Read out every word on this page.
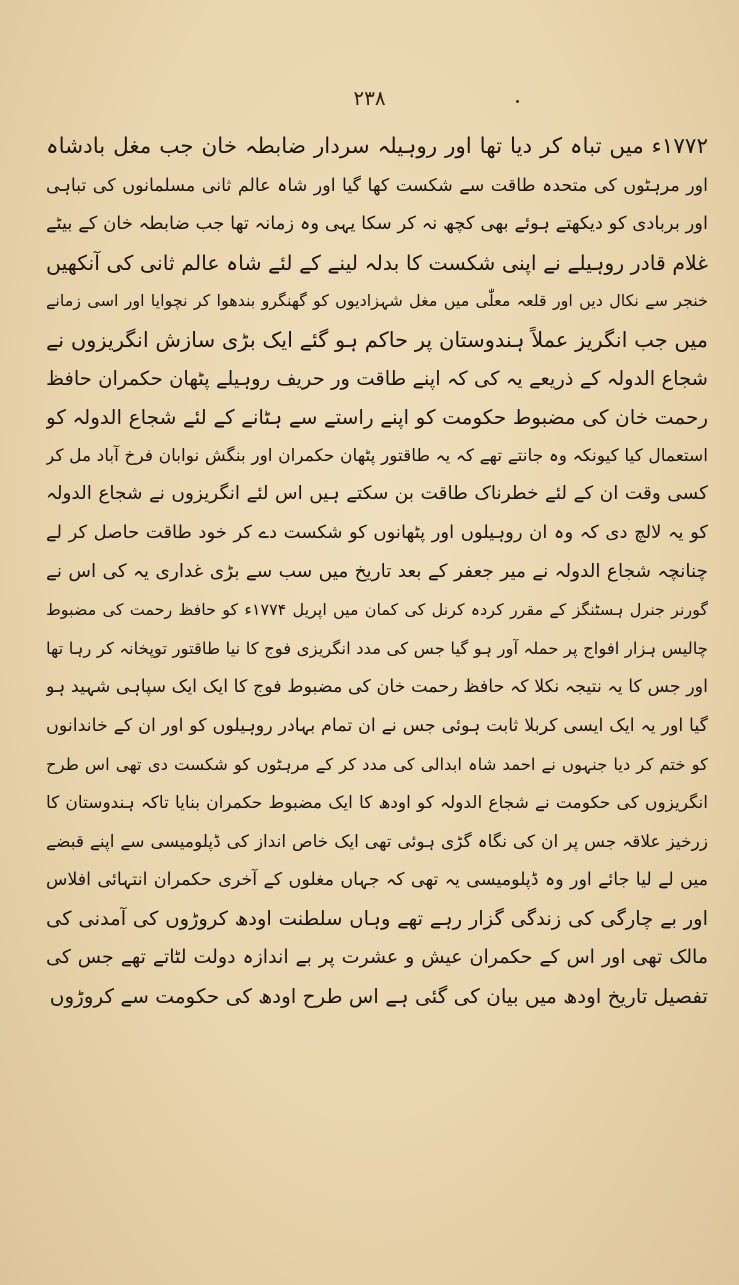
۲۳۸
۱۷۷۲ء میں تباہ کر دیا تھا اور روہیلہ سردار ضابطہ خان جب مغل بادشاہ
اور مرہٹوں کی متحدہ طاقت سے شکست کھا گیا اور شاہ عالم ثانی مسلمانوں کی تباہی
اور بربادی کو دیکھتے ہوئے بھی کچھ نہ کر سکا یہی وہ زمانہ تھا جب ضابطہ خان کے بیٹے
غلام قادر روہیلے نے اپنی شکست کا بدلہ لینے کے لئے شاہ عالم ثانی کی آنکھیں
خنجر سے نکال دیں اور قلعہ معلّٰی میں مغل شہزادیوں کو گھنگرو بندھوا کر نچوایا اور اسی زمانے
میں جب انگریز عملاً ہندوستان پر حاکم ہو گئے ایک بڑی سازش انگریزوں نے
شجاع الدولہ کے ذریعے یہ کی کہ اپنے طاقت ور حریف روہیلے پٹھان حکمران حافظ
رحمت خان کی مضبوط حکومت کو اپنے راستے سے ہٹانے کے لئے شجاع الدولہ کو
استعمال کیا کیونکہ وہ جانتے تھے کہ یہ طاقتور پٹھان حکمران اور بنگش نوابان فرخ آباد مل کر
کسی وقت ان کے لئے خطرناک طاقت بن سکتے ہیں اس لئے انگریزوں نے شجاع الدولہ
کو یہ لالچ دی کہ وہ ان روہیلوں اور پٹھانوں کو شکست دے کر خود طاقت حاصل کر لے
چنانچہ شجاع الدولہ نے میر جعفر کے بعد تاریخ میں سب سے بڑی غداری یہ کی اس نے
گورنر جنرل ہسٹنگز کے مقرر کردہ کرنل کی کمان میں اپریل ۱۷۷۴ء کو حافظ رحمت کی مضبوط
چالیس ہزار افواج پر حملہ آور ہو گیا جس کی مدد انگریزی فوج کا نیا طاقتور توپخانہ کر رہا تھا
اور جس کا یہ نتیجہ نکلا کہ حافظ رحمت خان کی مضبوط فوج کا ایک ایک سپاہی شہید ہو
گیا اور یہ ایک ایسی کربلا ثابت ہوئی جس نے ان تمام بہادر روہیلوں کو اور ان کے خاندانوں
کو ختم کر دیا جنہوں نے احمد شاہ ابدالی کی مدد کر کے مرہٹوں کو شکست دی تھی اس طرح
انگریزوں کی حکومت نے شجاع الدولہ کو اودھ کا ایک مضبوط حکمران بنایا تاکہ ہندوستان کا
زرخیز علاقہ جس پر ان کی نگاہ گڑی ہوئی تھی ایک خاص انداز کی ڈپلومیسی سے اپنے قبضے
میں لے لیا جائے اور وہ ڈپلومیسی یہ تھی کہ جہاں مغلوں کے آخری حکمران انتہائی افلاس
اور بے چارگی کی زندگی گزار رہے تھے وہاں سلطنت اودھ کروڑوں کی آمدنی کی
مالک تھی اور اس کے حکمران عیش و عشرت پر بے اندازہ دولت لٹاتے تھے جس کی
تفصیل تاریخ اودھ میں بیان کی گئی ہے اس طرح اودھ کی حکومت سے کروڑوں
